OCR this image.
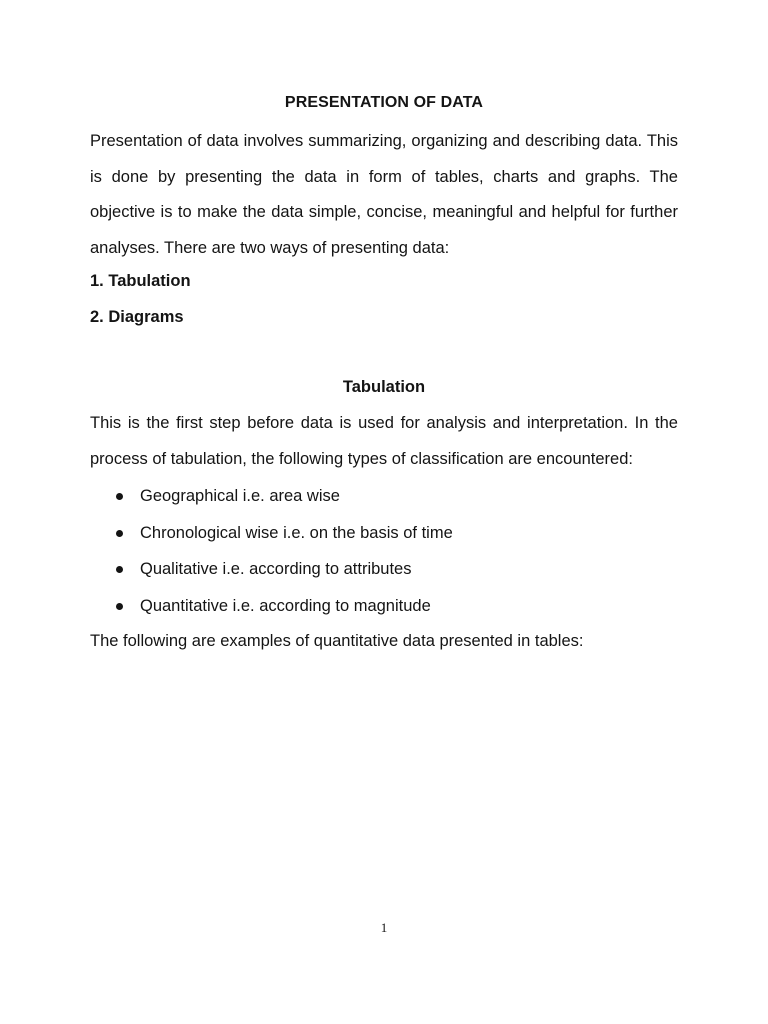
PRESENTATION OF DATA

Presentation of data involves summarizing, organizing and describing data. This is done by presenting the data in form of tables, charts and graphs. The objective is to make the data simple, concise, meaningful and helpful for further analyses. There are two ways of presenting data:

1. Tabulation

2. Diagrams

Tabulation

This is the first step before data is used for analysis and interpretation. In the process of tabulation, the following types of classification are encountered:

Geographical i.e. area wise
Chronological wise i.e. on the basis of time
Qualitative i.e. according to attributes
Quantitative i.e. according to magnitude

The following are examples of quantitative data presented in tables:

1
